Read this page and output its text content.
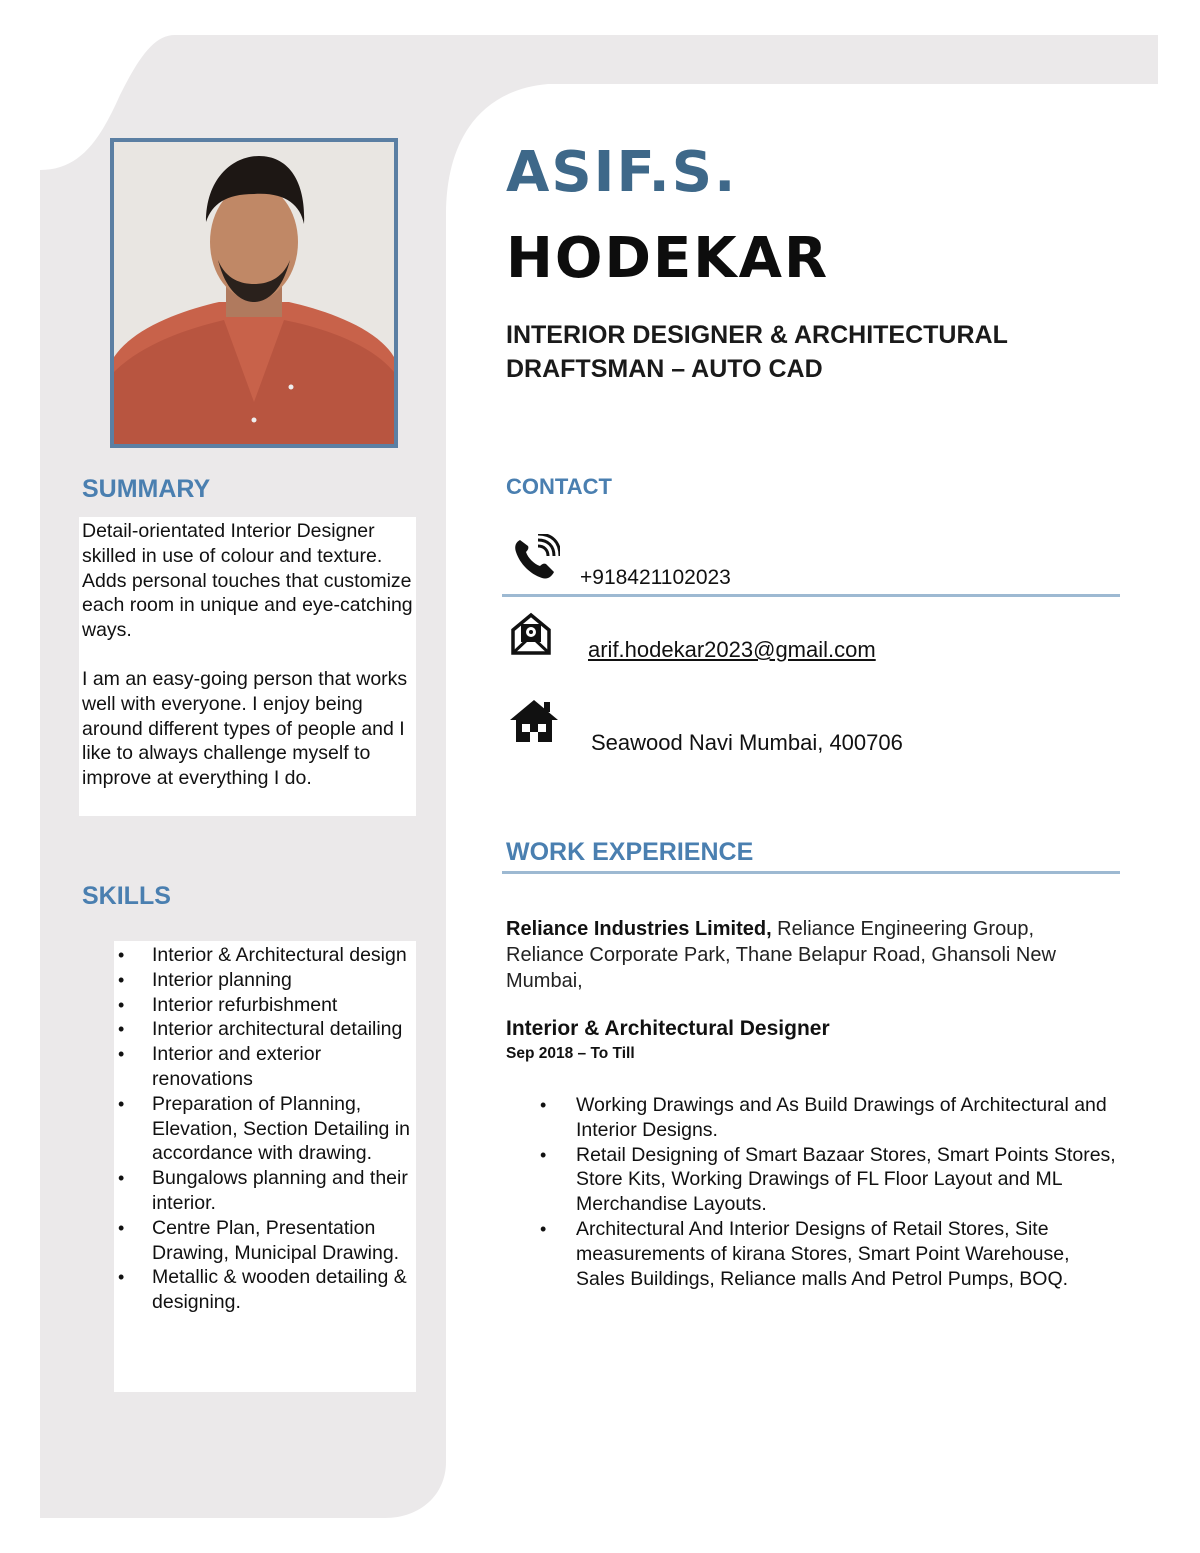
ASIF.S.
HODEKAR
INTERIOR DESIGNER & ARCHITECTURAL
DRAFTSMAN – AUTO CAD
SUMMARY

Detail-orientated Interior Designer skilled in use of colour and texture. Adds personal touches that customize each room in unique and eye-catching ways.

I am an easy-going person that works well with everyone. I enjoy being around different types of people and I like to always challenge myself to improve at everything I do.

SKILLS
• Interior & Architectural design
• Interior planning
• Interior refurbishment
• Interior architectural detailing
• Interior and exterior renovations
• Preparation of Planning, Elevation, Section Detailing in accordance with drawing.
• Bungalows planning and their interior.
• Centre Plan, Presentation Drawing, Municipal Drawing.
• Metallic & wooden detailing & designing.
CONTACT
+918421102023
arif.hodekar2023@gmail.com
Seawood Navi Mumbai, 400706
WORK EXPERIENCE
Reliance Industries Limited, Reliance Engineering Group, Reliance Corporate Park, Thane Belapur Road, Ghansoli New Mumbai,
Interior & Architectural Designer
Sep 2018 – To Till
• Working Drawings and As Build Drawings of Architectural and Interior Designs.
• Retail Designing of Smart Bazaar Stores, Smart Points Stores, Store Kits, Working Drawings of FL Floor Layout and ML Merchandise Layouts.
• Architectural And Interior Designs of Retail Stores, Site measurements of kirana Stores, Smart Point Warehouse, Sales Buildings, Reliance malls And Petrol Pumps, BOQ.
